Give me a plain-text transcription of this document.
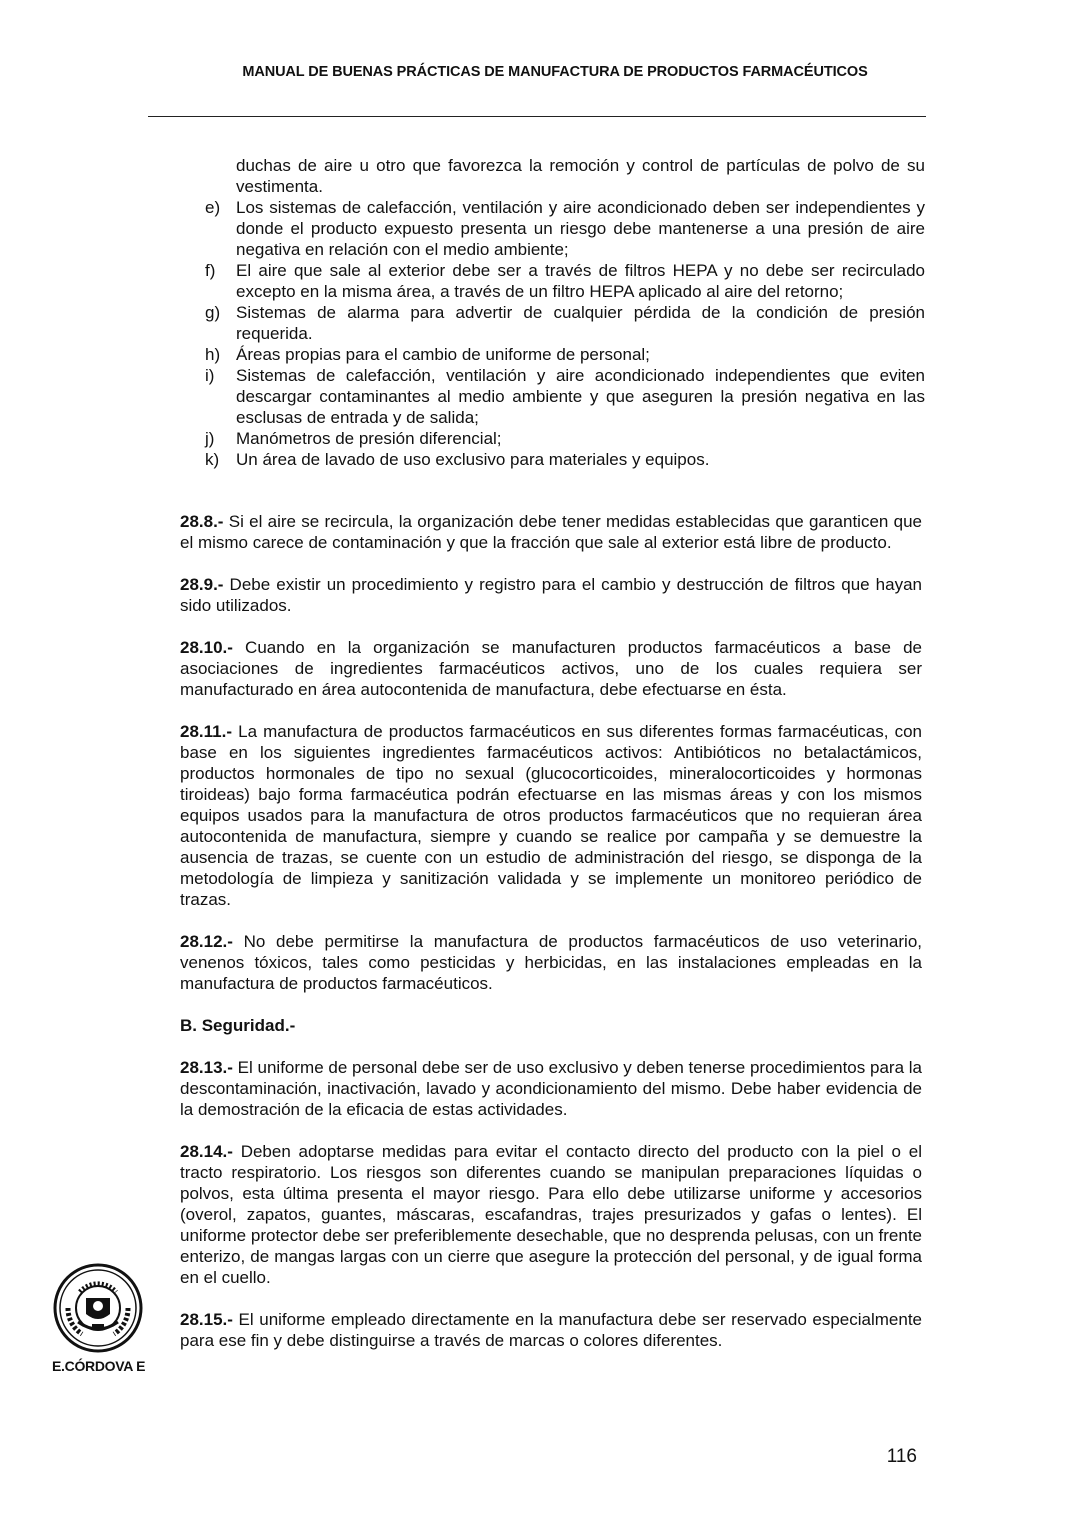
MANUAL DE BUENAS PRÁCTICAS DE MANUFACTURA DE PRODUCTOS FARMACÉUTICOS
duchas de aire u otro que favorezca la remoción y control de partículas de polvo de su vestimenta.
e) Los sistemas de calefacción, ventilación y aire acondicionado deben ser independientes y donde el producto expuesto presenta un riesgo debe mantenerse a una presión de aire negativa en relación con el medio ambiente;
f)	El aire que sale al exterior debe ser a través de filtros HEPA y no debe ser recirculado excepto en la misma área, a través de un filtro HEPA aplicado al aire del retorno;
g) Sistemas de alarma para advertir de cualquier pérdida de la condición de presión requerida.
h) Áreas propias para el cambio de uniforme de personal;
i)	Sistemas de calefacción, ventilación y aire acondicionado independientes que eviten descargar contaminantes al medio ambiente y que aseguren la presión negativa en las esclusas de entrada y de salida;
j)	Manómetros de presión diferencial;
k) Un área de lavado de uso exclusivo para materiales y equipos.

28.8.- Si el aire se recircula, la organización debe tener medidas establecidas que garanticen que el mismo carece de contaminación y que la fracción que sale al exterior está libre de producto.

28.9.- Debe existir un procedimiento y registro para el cambio y destrucción de filtros que hayan sido utilizados.

28.10.- Cuando en la organización se manufacturen productos farmacéuticos a base de asociaciones de ingredientes farmacéuticos activos, uno de los cuales requiera ser manufacturado en área autocontenida de manufactura, debe efectuarse en ésta.

28.11.- La manufactura de productos farmacéuticos en sus diferentes formas farmacéuticas, con base en los siguientes ingredientes farmacéuticos activos: Antibióticos no betalactámicos, productos hormonales de tipo no sexual (glucocorticoides, mineralocorticoides y hormonas tiroideas) bajo forma farmacéutica podrán efectuarse en las mismas áreas y con los mismos equipos usados para la manufactura de otros productos farmacéuticos que no requieran área autocontenida de manufactura, siempre y cuando se realice por campaña y se demuestre la ausencia de trazas, se cuente con un estudio de administración del riesgo, se disponga de la metodología de limpieza y sanitización validada y se implemente un monitoreo periódico de trazas.

28.12.- No debe permitirse la manufactura de productos farmacéuticos de uso veterinario, venenos tóxicos, tales como pesticidas y herbicidas, en las instalaciones empleadas en la manufactura de productos farmacéuticos.

B. Seguridad.-

28.13.- El uniforme de personal debe ser de uso exclusivo y deben tenerse procedimientos para la descontaminación, inactivación, lavado y acondicionamiento del mismo. Debe haber evidencia de la demostración de la eficacia de estas actividades.

28.14.- Deben adoptarse medidas para evitar el contacto directo del producto con la piel o el tracto respiratorio. Los riesgos son diferentes cuando se manipulan preparaciones líquidas o polvos, esta última presenta el mayor riesgo. Para ello debe utilizarse uniforme y accesorios (overol, zapatos, guantes, máscaras, escafandras, trajes presurizados y gafas o lentes). El uniforme protector debe ser preferiblemente desechable, que no desprenda pelusas, con un frente enterizo, de mangas largas con un cierre que asegure la protección del personal, y de igual forma en el cuello.

28.15.- El uniforme empleado directamente en la manufactura debe ser reservado especialmente para ese fin y debe distinguirse a través de marcas o colores diferentes.

E.CÓRDOVA E
116
